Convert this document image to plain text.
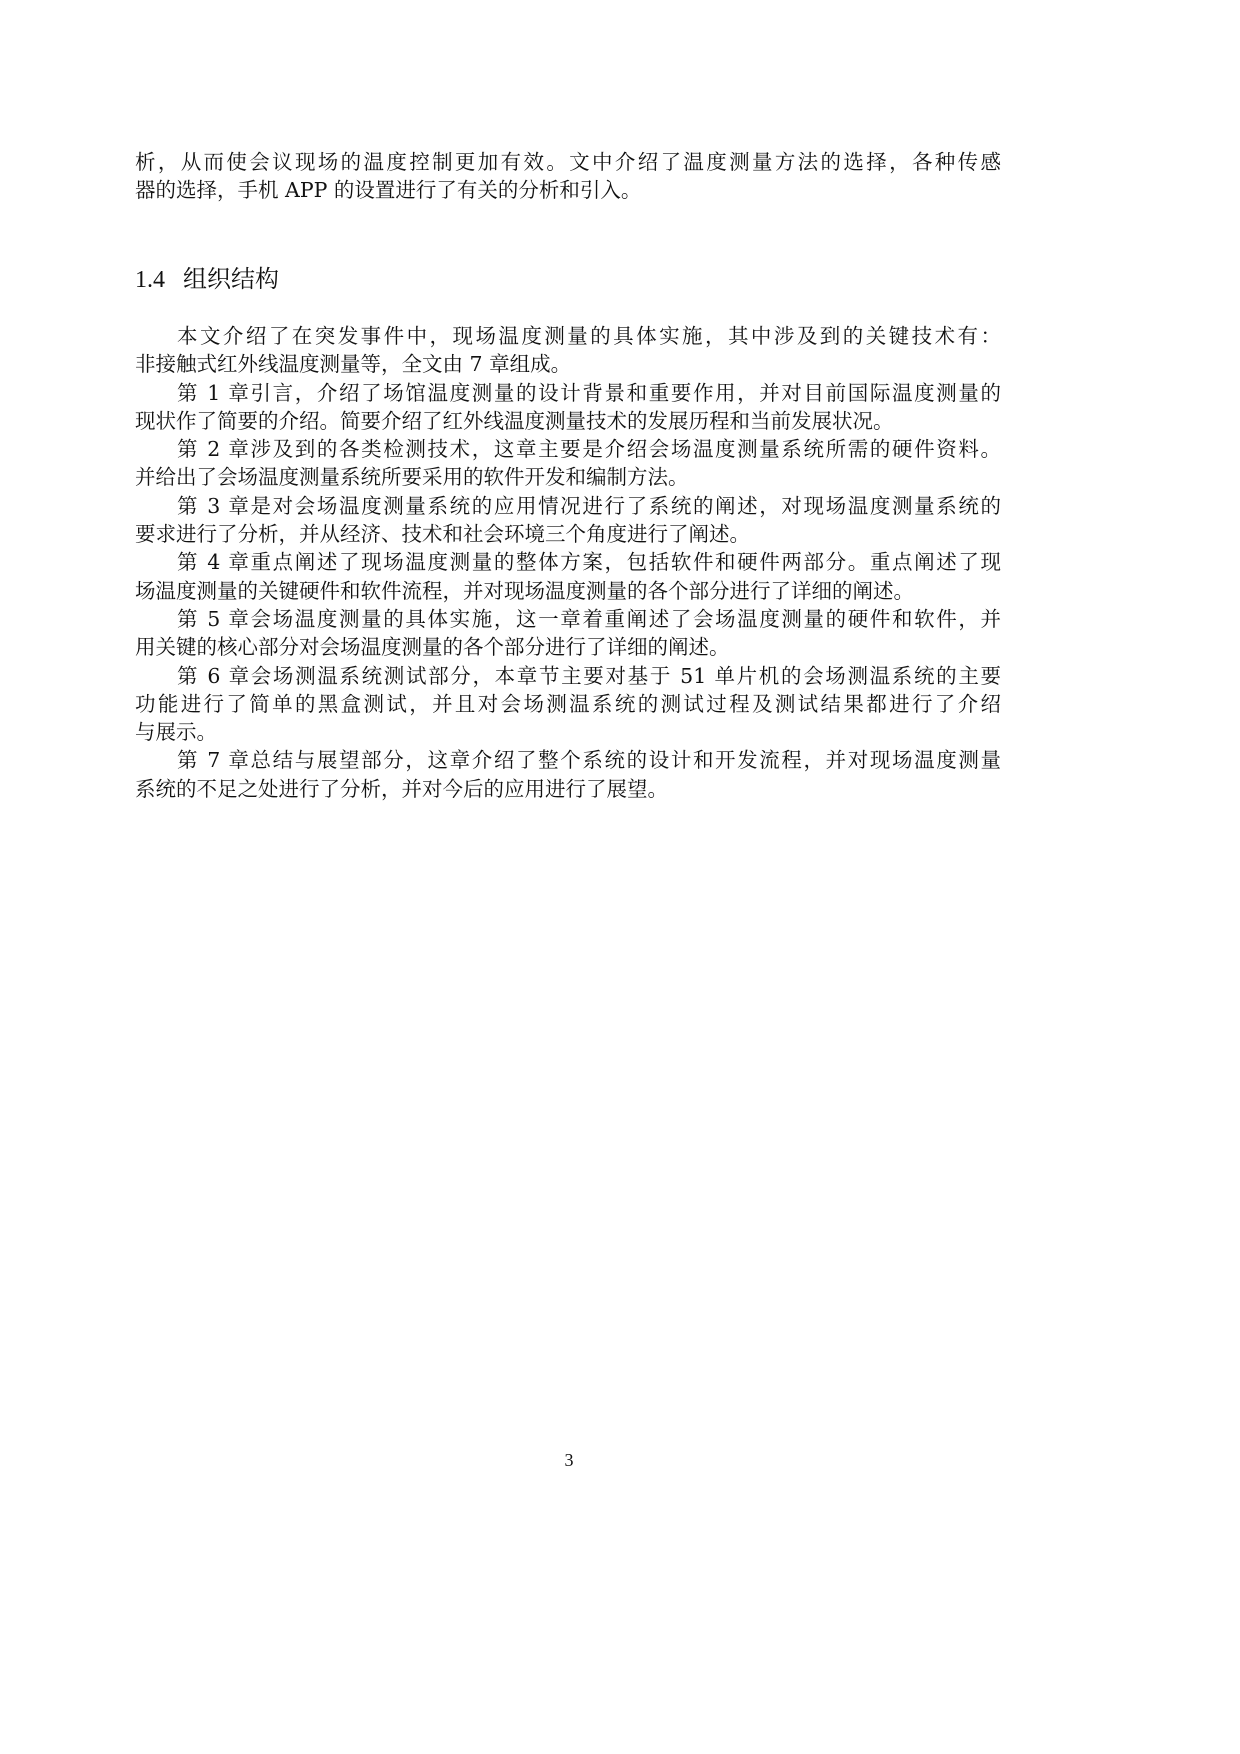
析，从而使会议现场的温度控制更加有效。文中介绍了温度测量方法的选择，各种传感
器的选择，手机 APP 的设置进行了有关的分析和引入。
1.4 组织结构
本文介绍了在突发事件中，现场温度测量的具体实施，其中涉及到的关键技术有：
非接触式红外线温度测量等，全文由 7 章组成。
第 1 章引言，介绍了场馆温度测量的设计背景和重要作用，并对目前国际温度测量的
现状作了简要的介绍。简要介绍了红外线温度测量技术的发展历程和当前发展状况。
第 2 章涉及到的各类检测技术，这章主要是介绍会场温度测量系统所需的硬件资料。
并给出了会场温度测量系统所要采用的软件开发和编制方法。
第 3 章是对会场温度测量系统的应用情况进行了系统的阐述，对现场温度测量系统的
要求进行了分析，并从经济、技术和社会环境三个角度进行了阐述。
第 4 章重点阐述了现场温度测量的整体方案，包括软件和硬件两部分。重点阐述了现
场温度测量的关键硬件和软件流程，并对现场温度测量的各个部分进行了详细的阐述。
第 5 章会场温度测量的具体实施，这一章着重阐述了会场温度测量的硬件和软件，并
用关键的核心部分对会场温度测量的各个部分进行了详细的阐述。
第 6 章会场测温系统测试部分，本章节主要对基于 51 单片机的会场测温系统的主要
功能进行了简单的黑盒测试，并且对会场测温系统的测试过程及测试结果都进行了介绍
与展示。
第 7 章总结与展望部分，这章介绍了整个系统的设计和开发流程，并对现场温度测量
系统的不足之处进行了分析，并对今后的应用进行了展望。
3
